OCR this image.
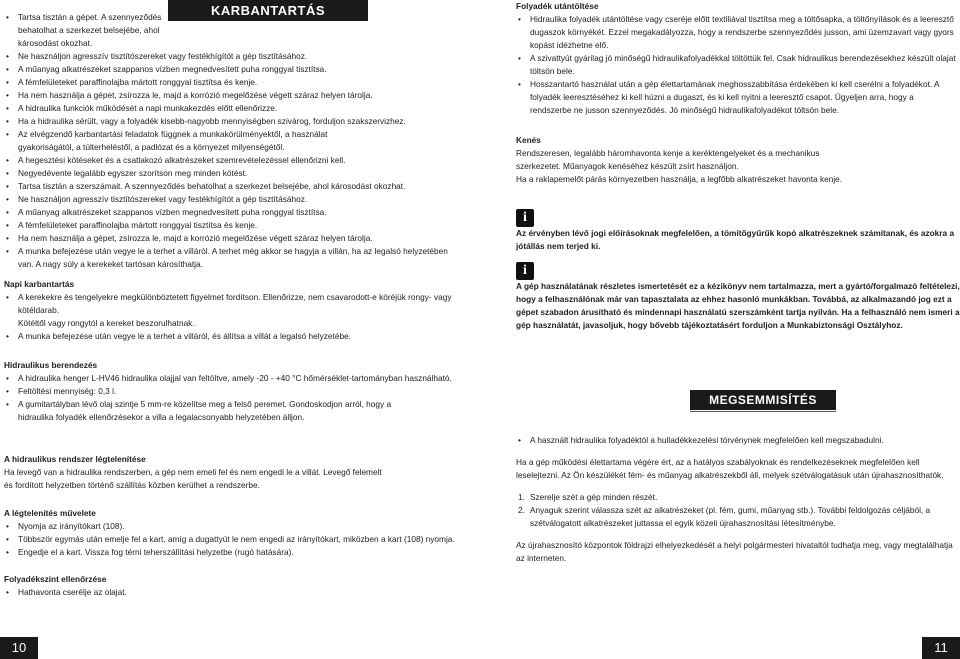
KARBANTARTÁS
• Tartsa tisztán a gépet. A szennyeződés behatolhat a szerkezet belsejébe, ahol károsodást okozhat.
• Ne használjon agresszív tisztítószereket vagy festékhígítót a gép tisztításához.
• A műanyag alkatrészeket szappanos vízben megnedvesített puha ronggyal tisztítsa.
• A fémfelületeket paraffinolajba mártott ronggyal tisztítsa és kenje.
• Ha nem használja a gépet, zsírozza le, majd a korrózió megelőzése végett száraz helyen tárolja.
• A hidraulika funkciók működését a napi munkakezdés előtt ellenőrizze.
• Ha a hidraulika sérült, vagy a folyadék kisebb-nagyobb mennyiségben szivárog, forduljon szakszervizhez.
• Az elvégzendő karbantartási feladatok függnek a munkakörülményektől, a használat gyakoriságától, a túlterheléstől, a padlózat és a környezet milyenségétől.
• A hegesztési kötéseket és a csatlakozó alkatrészeket szemrevételezéssel ellenőrizni kell.
• Negyedévente legalább egyszer szorítson meg minden kötést.
• Tartsa tisztán a szerszámait. A szennyeződés behatolhat a szerkezet belsejébe, ahol károsodást okozhat.
• Ne használjon agresszív tisztítószereket vagy festékhígítót a gép tisztításához.
• A műanyag alkatrészeket szappanos vízben megnedvesített puha ronggyal tisztítsa.
• A fémfelületeket paraffinolajba mártott ronggyal tisztítsa és kenje.
• Ha nem használja a gépet, zsírozza le, majd a korrózió megelőzése végett száraz helyen tárolja.
• A munka befejezése után vegye le a terhet a villáról. A terhet még akkor se hagyja a villán, ha az legalsó helyzetében van. A nagy súly a kerekeket tartósan károsíthatja.

Napi karbantartás

• A kerekekre és tengelyekre megkülönböztetett figyelmet fordítson. Ellenőrizze, nem csavarodott-e köréjük rongy- vagy kötéldarab.
Kötéltől vagy rongytól a kereket beszorulhatnak.
• A munka befejezése után vegye le a terhet a villáról, és állítsa a villát a legalsó helyzetébe.

Hidraulikus berendezés

• A hidraulika henger L-HV46 hidraulika olajjal van feltöltve, amely -20 - +40 °C hőmérséklet-tartományban használható.
• Feltöltési mennyiség: 0,3 l.
• A gumitartályban lévő olaj szintje 5 mm-re közelítse meg a felső peremet. Gondoskodjon arról, hogy a hidraulika folyadék ellenőrzésekor a villa a legalacsonyabb helyzetében álljon.

A hidraulikus rendszer légtelenítése

Ha levegő van a hidraulika rendszerben, a gép nem emeli fel és nem engedi le a villát. Levegő felemelt és fordított helyzetben történő szállítás közben kerülhet a rendszerbe.

A légtelenítés művelete

• Nyomja az irányítókart (108).
• Többször egymás után emelje fel a kart, amíg a dugattyút le nem engedi az irányítókart, miközben a kart (108) nyomja.
• Engedje el a kart. Vissza fog térni teherszállítási helyzetbe (rugó hatására).

Folyadékszint ellenőrzése

• Hathavonta cserélje az olajat.
10

Folyadék utántöltése

• Hidraulika folyadék utántöltése vagy cseréje előtt textiliával tisztítsa meg a töltősapka, a töltőnyílások és a leeresztő dugaszok környékét. Ezzel megakadályozza, hogy a rendszerbe szennyeződés jusson, ami üzemzavart vagy gyors kopást idézhetne elő.
• A szivattyút gyárilag jó minőségű hidraulikafolyadékkal töltöttük fel. Csak hidraulikus berendezésekhez készült olajat töltsön bele.
• Hosszantartó használat után a gép élettartamának meghosszabbítása érdekében ki kell cserélni a folyadékot. A folyadék leeresztéséhez ki kell húzni a dugaszt, és ki kell nyitni a leeresztő csapot. Ügyeljen arra, hogy a rendszerbe ne jusson szennyeződés. Jó minőségű hidraulikafolyadékot töltsön bele.

Kenés

Rendszeresen, legalább háromhavonta kenje a keréktengelyeket és a mechanikus szerkezetet. Műanyagok kenéséhez készült zsírt használjon.

Ha a raklapemelőt párás környezetben használja, a legfőbb alkatrészeket havonta kenje.

i

Az érvényben lévő jogi előírásoknak megfelelően, a tömítőgyűrűk kopó alkatrészeknek számítanak, és azokra a jótállás nem terjed ki.

i

A gép használatának részletes ismertetését ez a kézikönyv nem tartalmazza, mert a gyártó/forgalmazó feltételezi, hogy a felhasználónak már van tapasztalata az ehhez hasonló munkákban. Továbbá, az alkalmazandó jog ezt a gépet szabadon árusítható és mindennapi használatú szerszámként tartja nyilván. Ha a felhasználó nem ismeri a gép használatát, javasoljuk, hogy bővebb tájékoztatásért forduljon a Munkabiztonsági Osztályhoz.

MEGSEMMISÍTÉS
• A használt hidraulika folyadéktól a hulladékkezelési törvénynek megfelelően kell megszabadulni.

Ha a gép működési élettartama végére ért, az a hatályos szabályoknak és rendelkezéseknek megfelelően kell leselejtezni. Az Ön készülékét fém- és műanyag alkatrészekből áll, melyek szétválogatásuk után újrahasznosíthatók.

1. Szerelje szét a gép minden részét.
2. Anyaguk szerint válassza szét az alkatrészeket (pl. fém, gumi, műanyag stb.). További feldolgozás céljából, a szétválogatott alkatrészeket juttassa el egyik közeli újrahasznosítási létesítménybe.

Az újrahasznosító központok földrajzi elhelyezkedését a helyi polgármesteri hivataltól tudhatja meg, vagy megtalálhatja az interneten.

11
